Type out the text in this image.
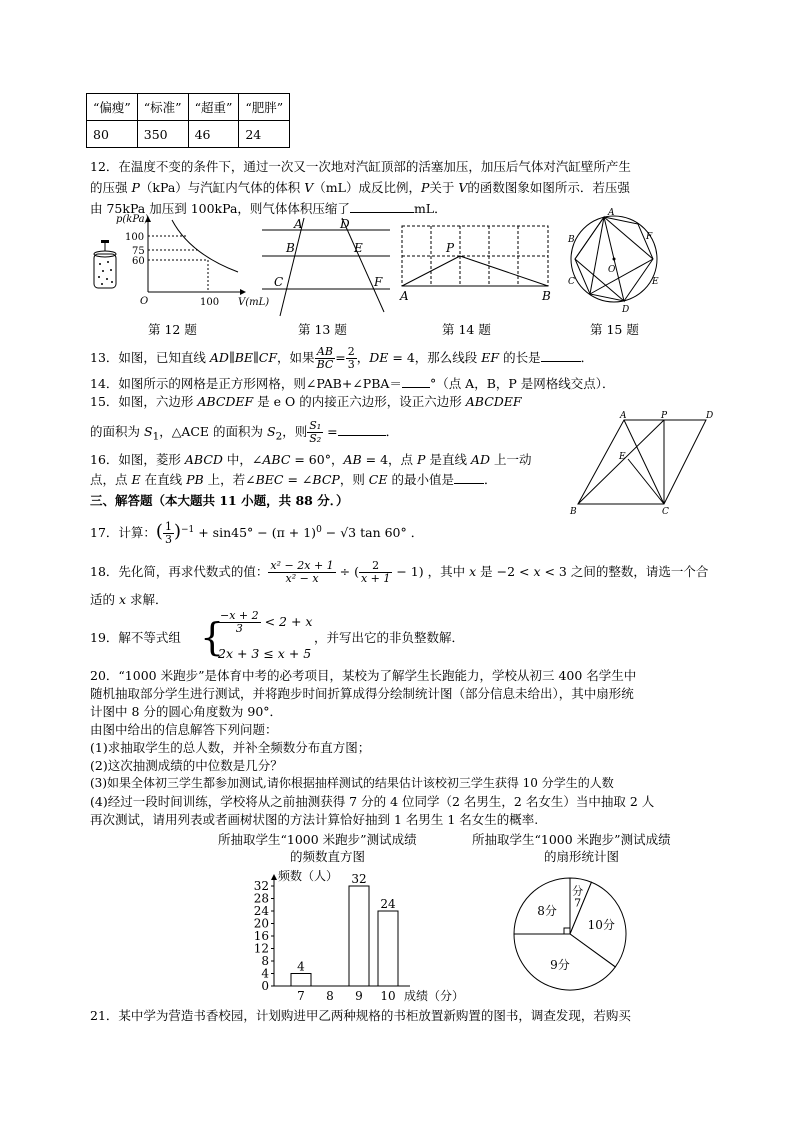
“偏瘦”	“标准”	“超重”	“肥胖”
80	350	46	24
12．在温度不变的条件下，通过一次又一次地对汽缸顶部的活塞加压，加压后气体对汽缸壁所产生
的压强 P（kPa）与汽缸内气体的体积 V（mL）成反比例，P关于 V的函数图象如图所示．若压强
由 75kPa 加压到 100kPa，则气体体积压缩了	mL．
p(kPa)
V(mL)
O
100
75
60
100
第 12 题
A	D
B	E
C	F
第 13 题
P
A	B
第 14 题
A
F
B
O
C	E
D
第 15 题
13．如图，已知直线 AD∥BE∥CF，如果 $\frac{AB}{BC} = \frac{2}{3}$ ，DE = 4，那么线段 EF 的长是	．
14．如图所示的网格是正方形网格，则∠PAB+∠PBA＝ °（点 A，B，P 是网格线交点）．
15．如图，六边形 ABCDEF 是 e O 的内接正六边形，设正六边形 ABCDEF
的面积为 $S_1$，△ACE 的面积为 $S_2$，则 $\frac{\text{S₁}}{\text{S₂}}$ =	．
A	P	D
E
B	C
16．如图，菱形 ABCD 中，∠ABC = 60°，AB = 4，点 P 是直线 AD 上一动
点，点 E 在直线 PB 上，若∠BEC = ∠BCP，则 CE 的最小值是 ．
三、解答题（本大题共 11 小题，共 88 分．）
17．计算：( $\frac{1}{3} )^{-1} + \sin 45^\circ - (\pi + 1)^0 - √3$ tan 60° ．
18．先化简，再求代数式的值： $\frac{\text{x² − 2x + 1}}{\text{x² − x}}$ ÷ ( $\frac{2}{x + 1} - 1$) ，其中 x 是 −2 < x < 3 之间的整数，请选一个合
适的 x 求解．
19．解不等式组 {
$\frac{-x + 2}{3} < 2 + x$
2x + 3 ≤ x + 5
，并写出它的非负整数解．
20．“1000 米跑步”是体育中考的必考项目，某校为了解学生长跑能力，学校从初三 400 名学生中
随机抽取部分学生进行测试，并将跑步时间折算成得分绘制统计图（部分信息未给出），其中扇形统
计图中 8 分的圆心角度数为 90°．
由图中给出的信息解答下列问题：
(1)求抽取学生的总人数，并补全频数分布直方图；
(2)这次抽测成绩的中位数是几分？
(3)如果全体初三学生都参加测试,请你根据抽样测试的结果估计该校初三学生获得 10 分学生的人数
(4)经过一段时间训练，学校将从之前抽测获得 7 分的 4 位同学（2 名男生，2 名女生）当中抽取 2 人
再次测试，请用列表或者画树状图的方法计算恰好抽到 1 名男生 1 名女生的概率.
所抽取学生“1000 米跑步”测试成绩
的频数直方图
所抽取学生“1000 米跑步”测试成绩
的扇形统计图
频数（人）
成绩（分）
0
4
8
12
16
20
24
28
32
7
4
8 9
32
10
24
分
7
10分
9分
8分
21．某中学为营造书香校园，计划购进甲乙两种规格的书柜放置新购置的图书，调查发现，若购买
